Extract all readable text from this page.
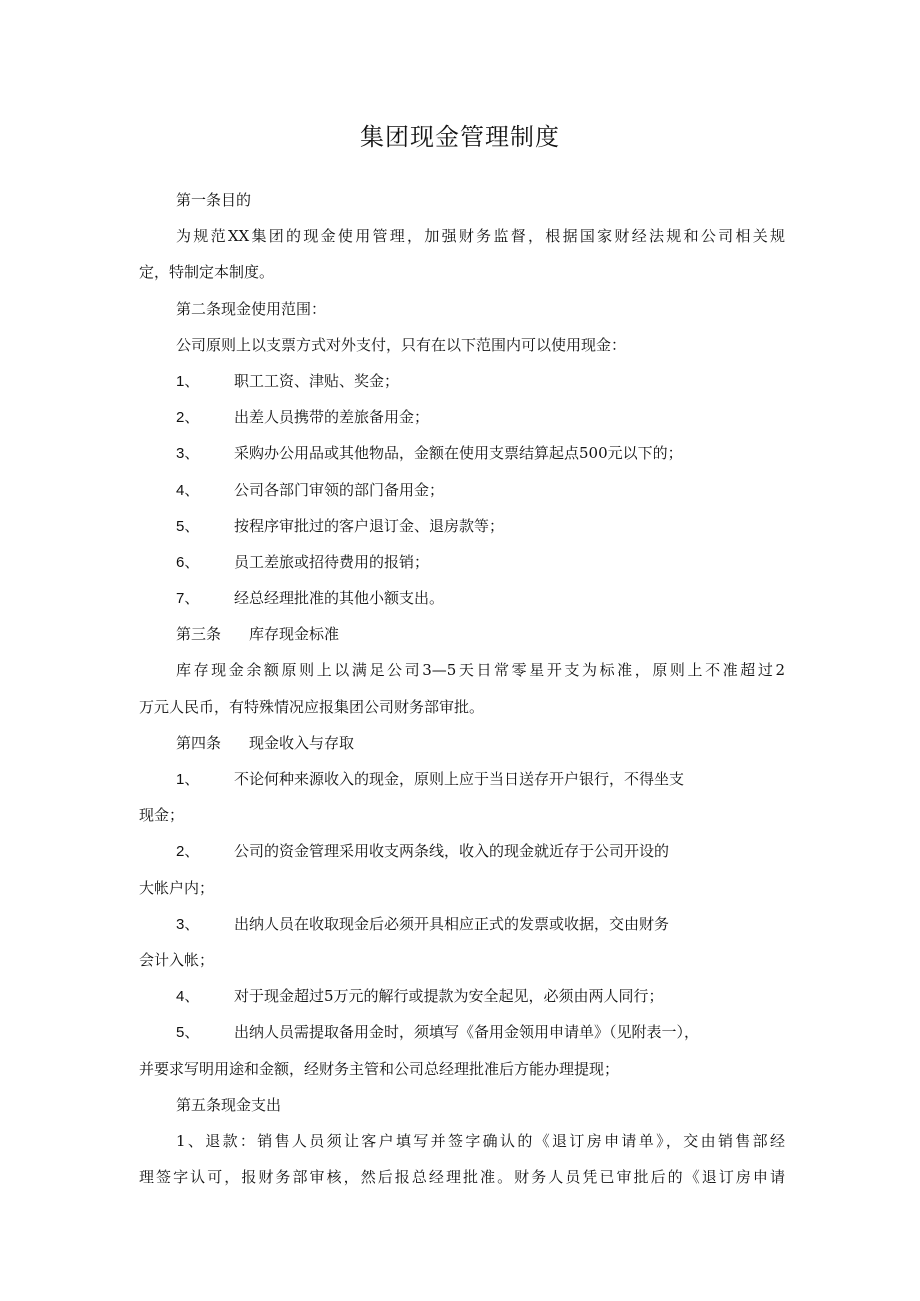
集团现金管理制度
第一条目的
为规范XX集团的现金使用管理，加强财务监督，根据国家财经法规和公司相关规
定，特制定本制度。
第二条现金使用范围：
公司原则上以支票方式对外支付，只有在以下范围内可以使用现金：
1、 职工工资、津贴、奖金；
2、 出差人员携带的差旅备用金；
3、 采购办公用品或其他物品，金额在使用支票结算起点500元以下的；
4、 公司各部门审领的部门备用金；
5、 按程序审批过的客户退订金、退房款等；
6、 员工差旅或招待费用的报销；
7、 经总经理批准的其他小额支出。
第三条 库存现金标准
库存现金余额原则上以满足公司3—5天日常零星开支为标准，原则上不准超过2
万元人民币，有特殊情况应报集团公司财务部审批。
第四条 现金收入与存取
1、 不论何种来源收入的现金，原则上应于当日送存开户银行，不得坐支
现金；
2、 公司的资金管理采用收支两条线，收入的现金就近存于公司开设的
大帐户内；
3、 出纳人员在收取现金后必须开具相应正式的发票或收据，交由财务
会计入帐；
4、 对于现金超过5万元的解行或提款为安全起见，必须由两人同行；
5、 出纳人员需提取备用金时，须填写《备用金领用申请单》（见附表一），
并要求写明用途和金额，经财务主管和公司总经理批准后方能办理提现；
第五条现金支出
1、退款：销售人员须让客户填写并签字确认的《退订房申请单》，交由销售部经
理签字认可，报财务部审核，然后报总经理批准。财务人员凭已审批后的《退订房申请
